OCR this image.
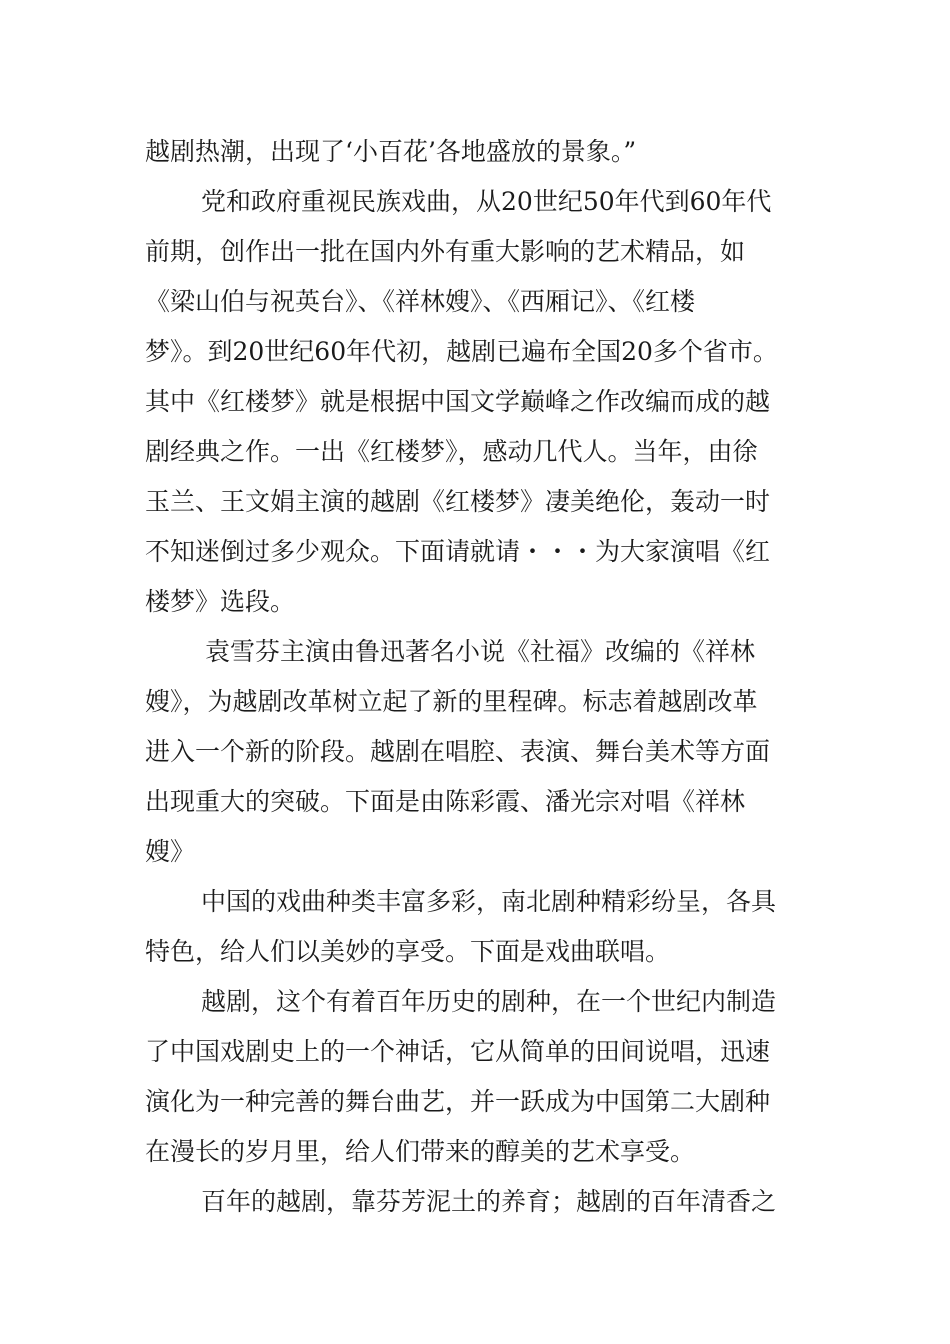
越剧热潮，出现了‘小百花’各地盛放的景象。”
党和政府重视民族戏曲，从20世纪50年代到60年代
前期，创作出一批在国内外有重大影响的艺术精品，如
《梁山伯与祝英台》、《祥林嫂》、《西厢记》、《红楼
梦》。到20世纪60年代初，越剧已遍布全国20多个省市。
其中《红楼梦》就是根据中国文学巅峰之作改编而成的越
剧经典之作。一出《红楼梦》，感动几代人。当年，由徐
玉兰、王文娟主演的越剧《红楼梦》凄美绝伦，轰动一时
不知迷倒过多少观众。下面请就请・・・为大家演唱《红
楼梦》选段。
袁雪芬主演由鲁迅著名小说《社福》改编的《祥林
嫂》，为越剧改革树立起了新的里程碑。标志着越剧改革
进入一个新的阶段。越剧在唱腔、表演、舞台美术等方面
出现重大的突破。下面是由陈彩霞、潘光宗对唱《祥林
嫂》
中国的戏曲种类丰富多彩，南北剧种精彩纷呈，各具
特色，给人们以美妙的享受。下面是戏曲联唱。
越剧，这个有着百年历史的剧种，在一个世纪内制造
了中国戏剧史上的一个神话，它从简单的田间说唱，迅速
演化为一种完善的舞台曲艺，并一跃成为中国第二大剧种
在漫长的岁月里，给人们带来的醇美的艺术享受。
百年的越剧，靠芬芳泥土的养育；越剧的百年清香之
